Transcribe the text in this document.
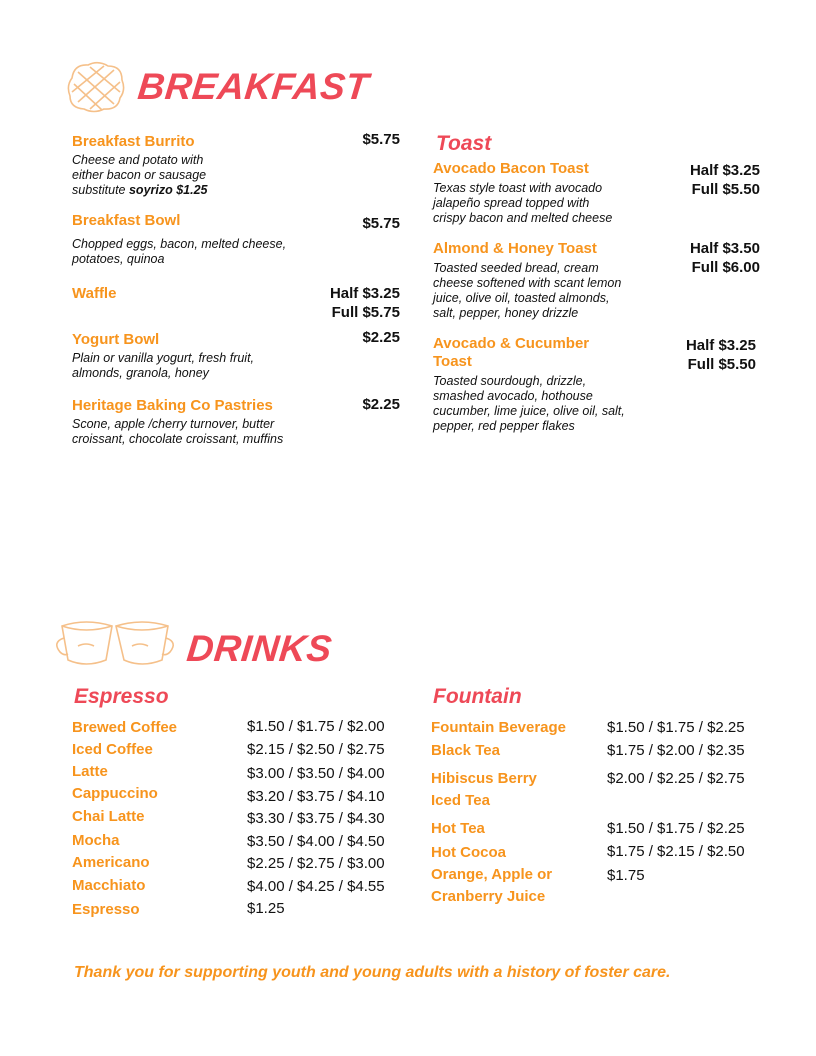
BREAKFAST
Breakfast Burrito	$5.75
Cheese and potato with
either bacon or sausage
substitute soyrizo $1.25
Breakfast Bowl	$5.75
Chopped eggs, bacon, melted cheese,
potatoes, quinoa
Waffle	Half $3.25
Full $5.75
Yogurt Bowl	$2.25
Plain or vanilla yogurt, fresh fruit,
almonds, granola, honey
Heritage Baking Co Pastries	$2.25
Scone, apple /cherry turnover, butter
croissant, chocolate croissant, muffins
Toast
Avocado Bacon Toast	Half $3.25
Full $5.50
Texas style toast with avocado
jalapeño spread topped with
crispy bacon and melted cheese
Almond & Honey Toast	Half $3.50
Full $6.00
Toasted seeded bread, cream
cheese softened with scant lemon
juice, olive oil, toasted almonds,
salt, pepper, honey drizzle
Avocado & Cucumber
Toast
Half $3.25
Full $5.50
Toasted sourdough, drizzle,
smashed avocado, hothouse
cucumber, lime juice, olive oil, salt,
pepper, red pepper flakes
DRINKS
Espresso
Brewed Coffee	$1.50 / $1.75 / $2.00
Iced Coffee	$2.15 / $2.50 / $2.75
Latte	$3.00 / $3.50 / $4.00
Cappuccino	$3.20 / $3.75 / $4.10
Chai Latte	$3.30 / $3.75 / $4.30
Mocha	$3.50 / $4.00 / $4.50
Americano	$2.25 / $2.75 / $3.00
Macchiato	$4.00 / $4.25 / $4.55
Espresso	$1.25
Fountain
Fountain Beverage	$1.50 / $1.75 / $2.25
Black Tea	$1.75 / $2.00 / $2.35
Hibiscus Berry
Iced Tea
$2.00 / $2.25 / $2.75
Hot Tea	$1.50 / $1.75 / $2.25
Hot Cocoa	$1.75 / $2.15 / $2.50
Orange, Apple or
Cranberry Juice
$1.75
Thank you for supporting youth and young adults with a history of foster care.
